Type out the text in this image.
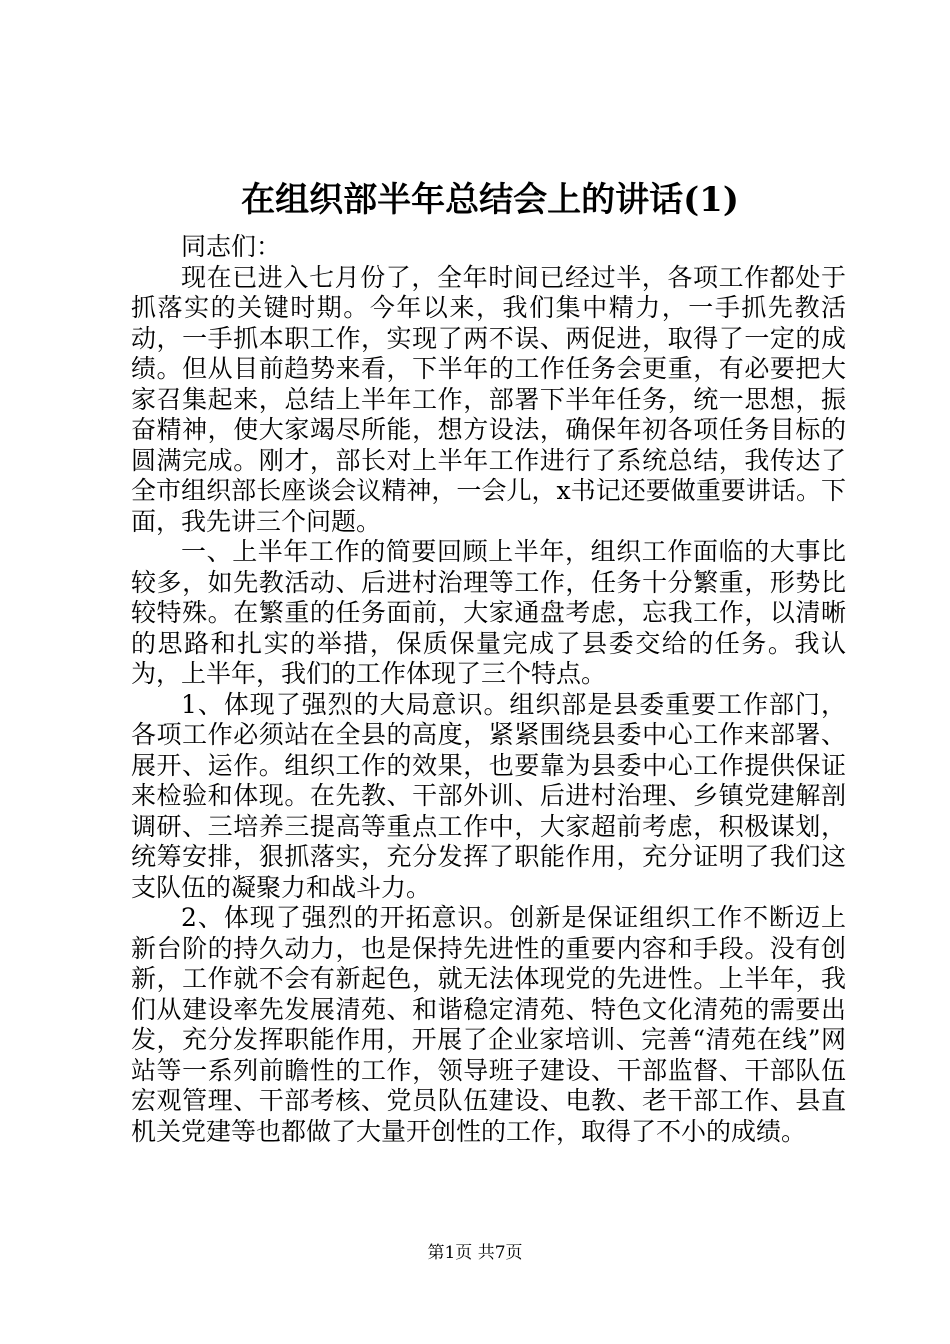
在组织部半年总结会上的讲话(1)

同志们：

现在已进入七月份了，全年时间已经过半，各项工作都处于抓落实的关键时期。今年以来，我们集中精力，一手抓先教活动，一手抓本职工作，实现了两不误、两促进，取得了一定的成绩。但从目前趋势来看，下半年的工作任务会更重，有必要把大家召集起来，总结上半年工作，部署下半年任务，统一思想，振奋精神，使大家竭尽所能，想方设法，确保年初各项任务目标的圆满完成。刚才，部长对上半年工作进行了系统总结，我传达了全市组织部长座谈会议精神，一会儿，x书记还要做重要讲话。下面，我先讲三个问题。

一、上半年工作的简要回顾上半年，组织工作面临的大事比较多，如先教活动、后进村治理等工作，任务十分繁重，形势比较特殊。在繁重的任务面前，大家通盘考虑，忘我工作，以清晰的思路和扎实的举措，保质保量完成了县委交给的任务。我认为，上半年，我们的工作体现了三个特点。

1、体现了强烈的大局意识。组织部是县委重要工作部门，各项工作必须站在全县的高度，紧紧围绕县委中心工作来部署、展开、运作。组织工作的效果，也要靠为县委中心工作提供保证来检验和体现。在先教、干部外训、后进村治理、乡镇党建解剖调研、三培养三提高等重点工作中，大家超前考虑，积极谋划，统筹安排，狠抓落实，充分发挥了职能作用，充分证明了我们这支队伍的凝聚力和战斗力。

2、体现了强烈的开拓意识。创新是保证组织工作不断迈上新台阶的持久动力，也是保持先进性的重要内容和手段。没有创新，工作就不会有新起色，就无法体现党的先进性。上半年，我们从建设率先发展清苑、和谐稳定清苑、特色文化清苑的需要出发，充分发挥职能作用，开展了企业家培训、完善“清苑在线”网站等一系列前瞻性的工作，领导班子建设、干部监督、干部队伍宏观管理、干部考核、党员队伍建设、电教、老干部工作、县直机关党建等也都做了大量开创性的工作，取得了不小的成绩。

第1页 共7页
